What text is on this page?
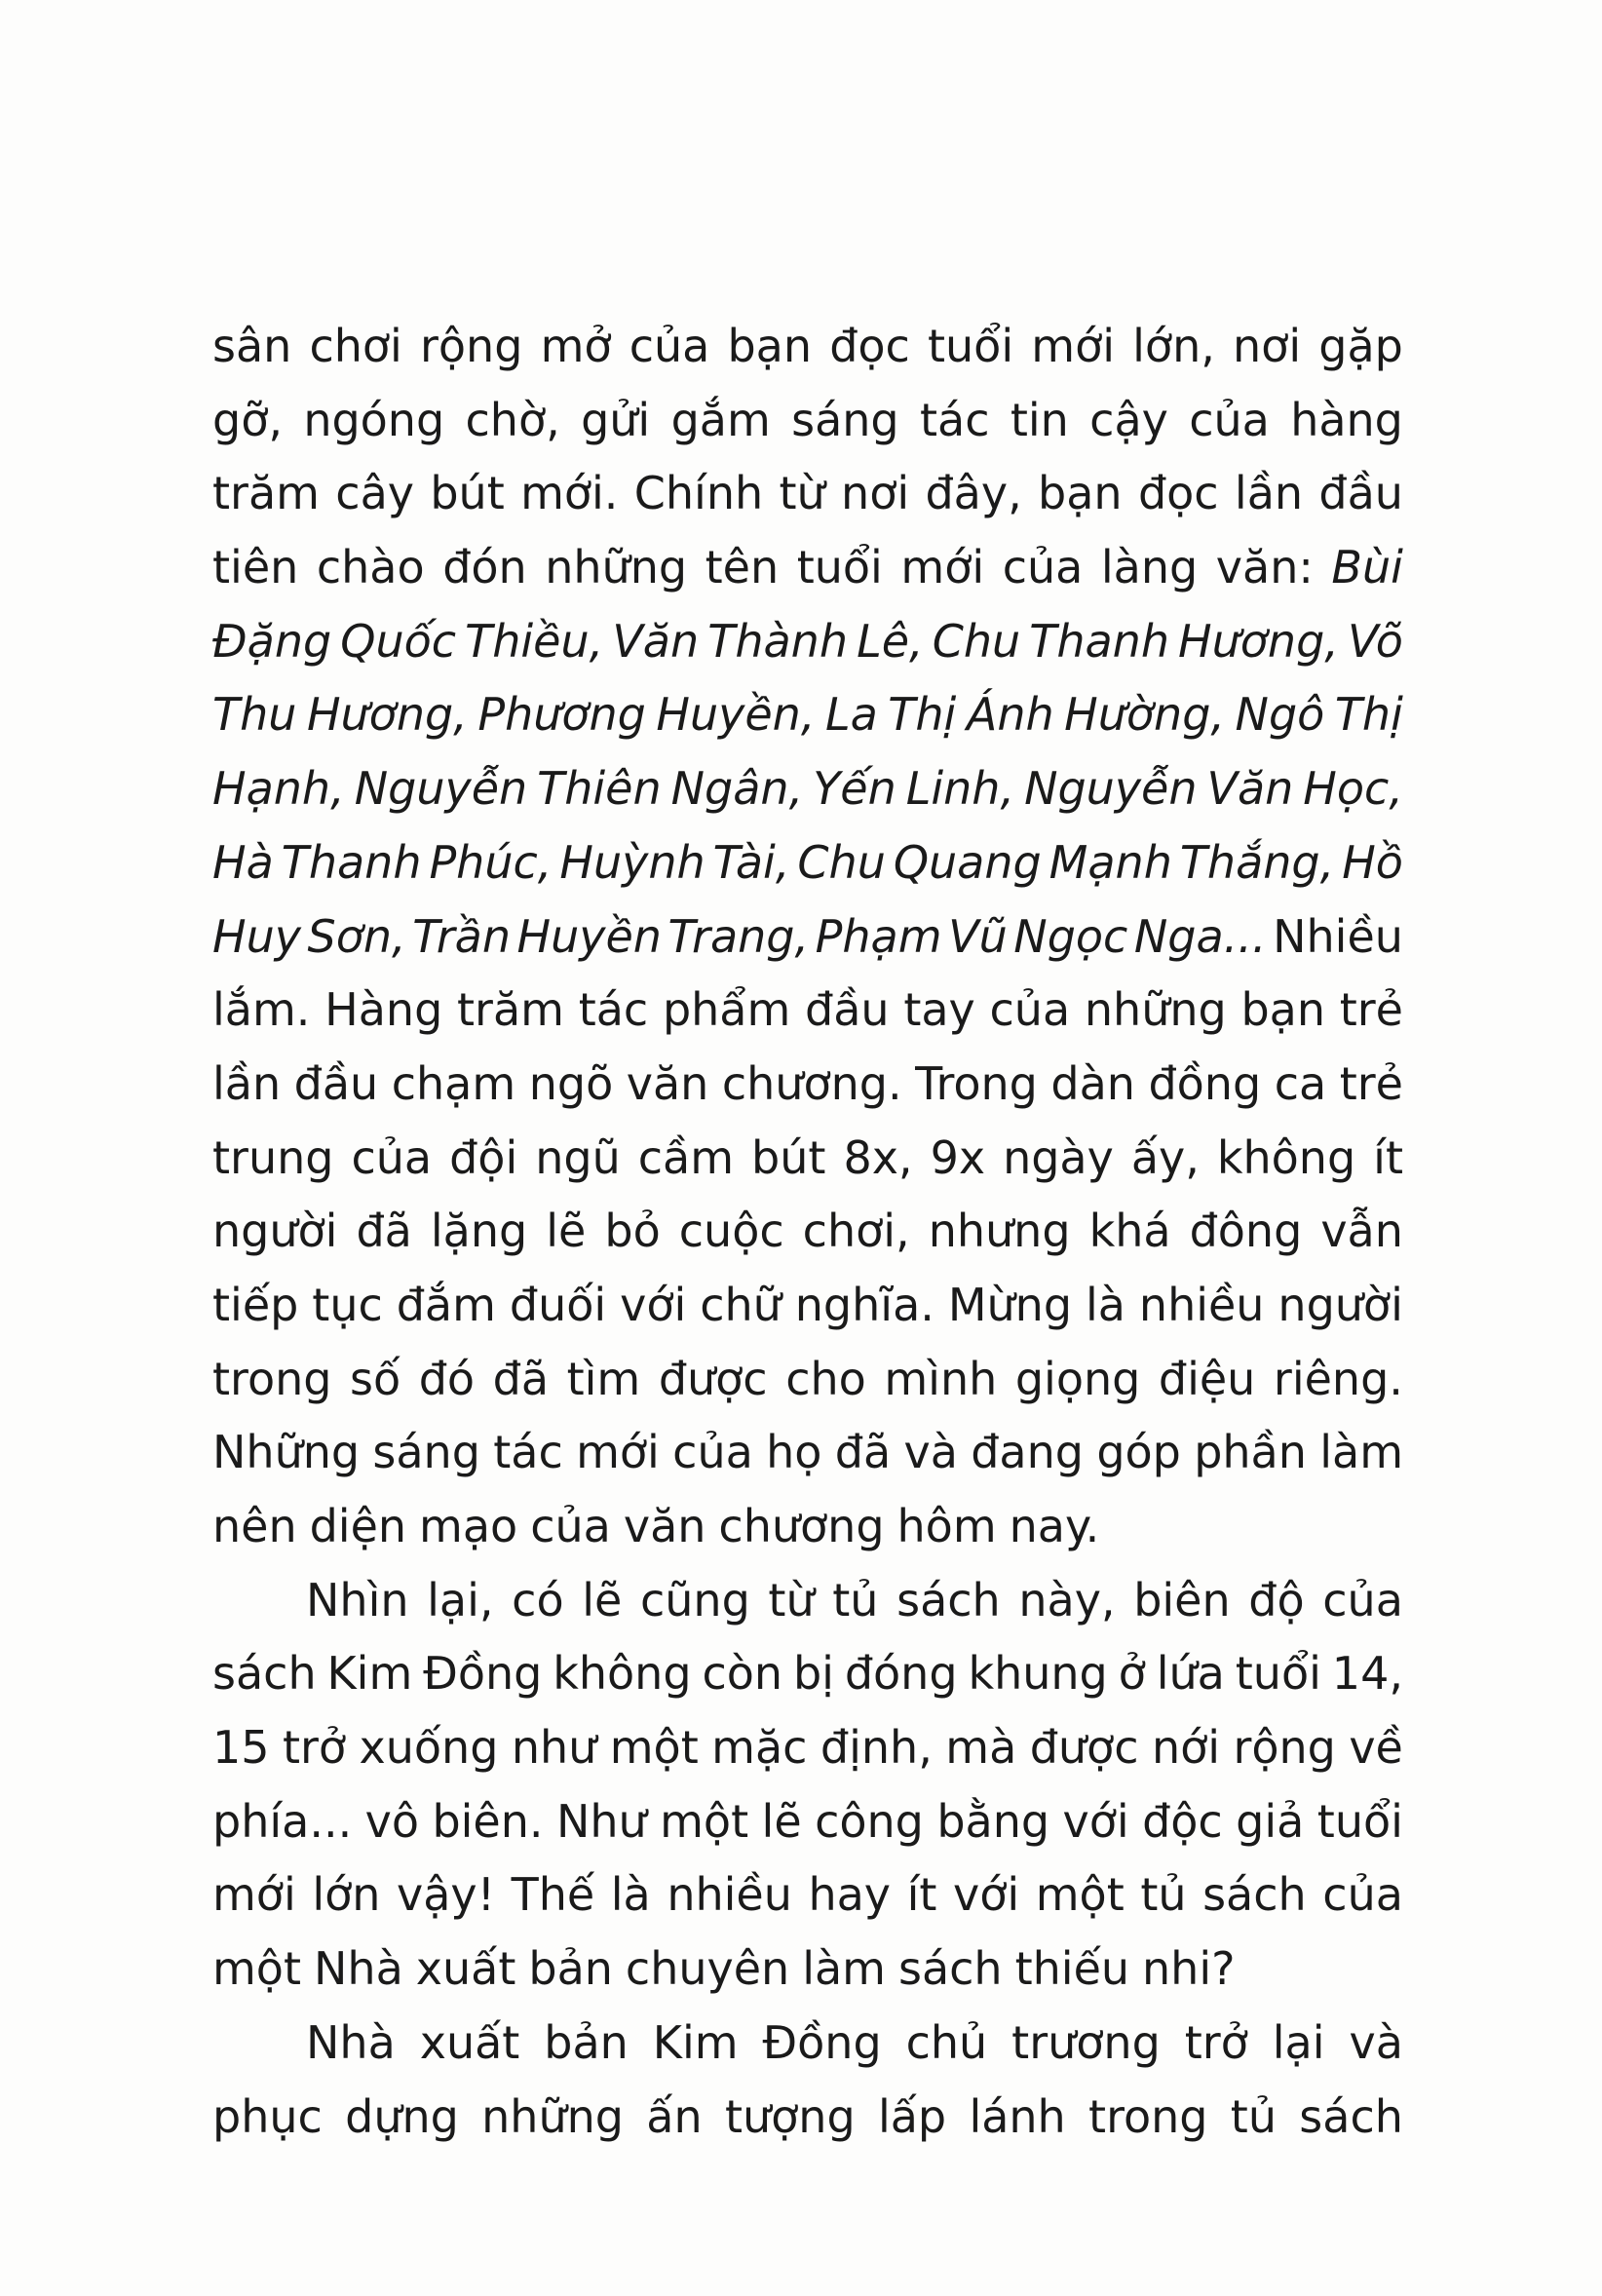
sân chơi rộng mở của bạn đọc tuổi mới lớn, nơi gặp
gỡ, ngóng chờ, gửi gắm sáng tác tin cậy của hàng
trăm cây bút mới. Chính từ nơi đây, bạn đọc lần đầu
tiên chào đón những tên tuổi mới của làng văn: Bùi
Đặng Quốc Thiều, Văn Thành Lê, Chu Thanh Hương, Võ
Thu Hương, Phương Huyền, La Thị Ánh Hường, Ngô Thị
Hạnh, Nguyễn Thiên Ngân, Yến Linh, Nguyễn Văn Học,
Hà Thanh Phúc, Huỳnh Tài, Chu Quang Mạnh Thắng, Hồ
Huy Sơn, Trần Huyền Trang, Phạm Vũ Ngọc Nga... Nhiều
lắm. Hàng trăm tác phẩm đầu tay của những bạn trẻ
lần đầu chạm ngõ văn chương. Trong dàn đồng ca trẻ
trung của đội ngũ cầm bút 8x, 9x ngày ấy, không ít
người đã lặng lẽ bỏ cuộc chơi, nhưng khá đông vẫn
tiếp tục đắm đuối với chữ nghĩa. Mừng là nhiều người
trong số đó đã tìm được cho mình giọng điệu riêng.
Những sáng tác mới của họ đã và đang góp phần làm
nên diện mạo của văn chương hôm nay.
Nhìn lại, có lẽ cũng từ tủ sách này, biên độ của
sách Kim Đồng không còn bị đóng khung ở lứa tuổi 14,
15 trở xuống như một mặc định, mà được nới rộng về
phía... vô biên. Như một lẽ công bằng với độc giả tuổi
mới lớn vậy! Thế là nhiều hay ít với một tủ sách của
một Nhà xuất bản chuyên làm sách thiếu nhi?
Nhà xuất bản Kim Đồng chủ trương trở lại và
phục dựng những ấn tượng lấp lánh trong tủ sách
